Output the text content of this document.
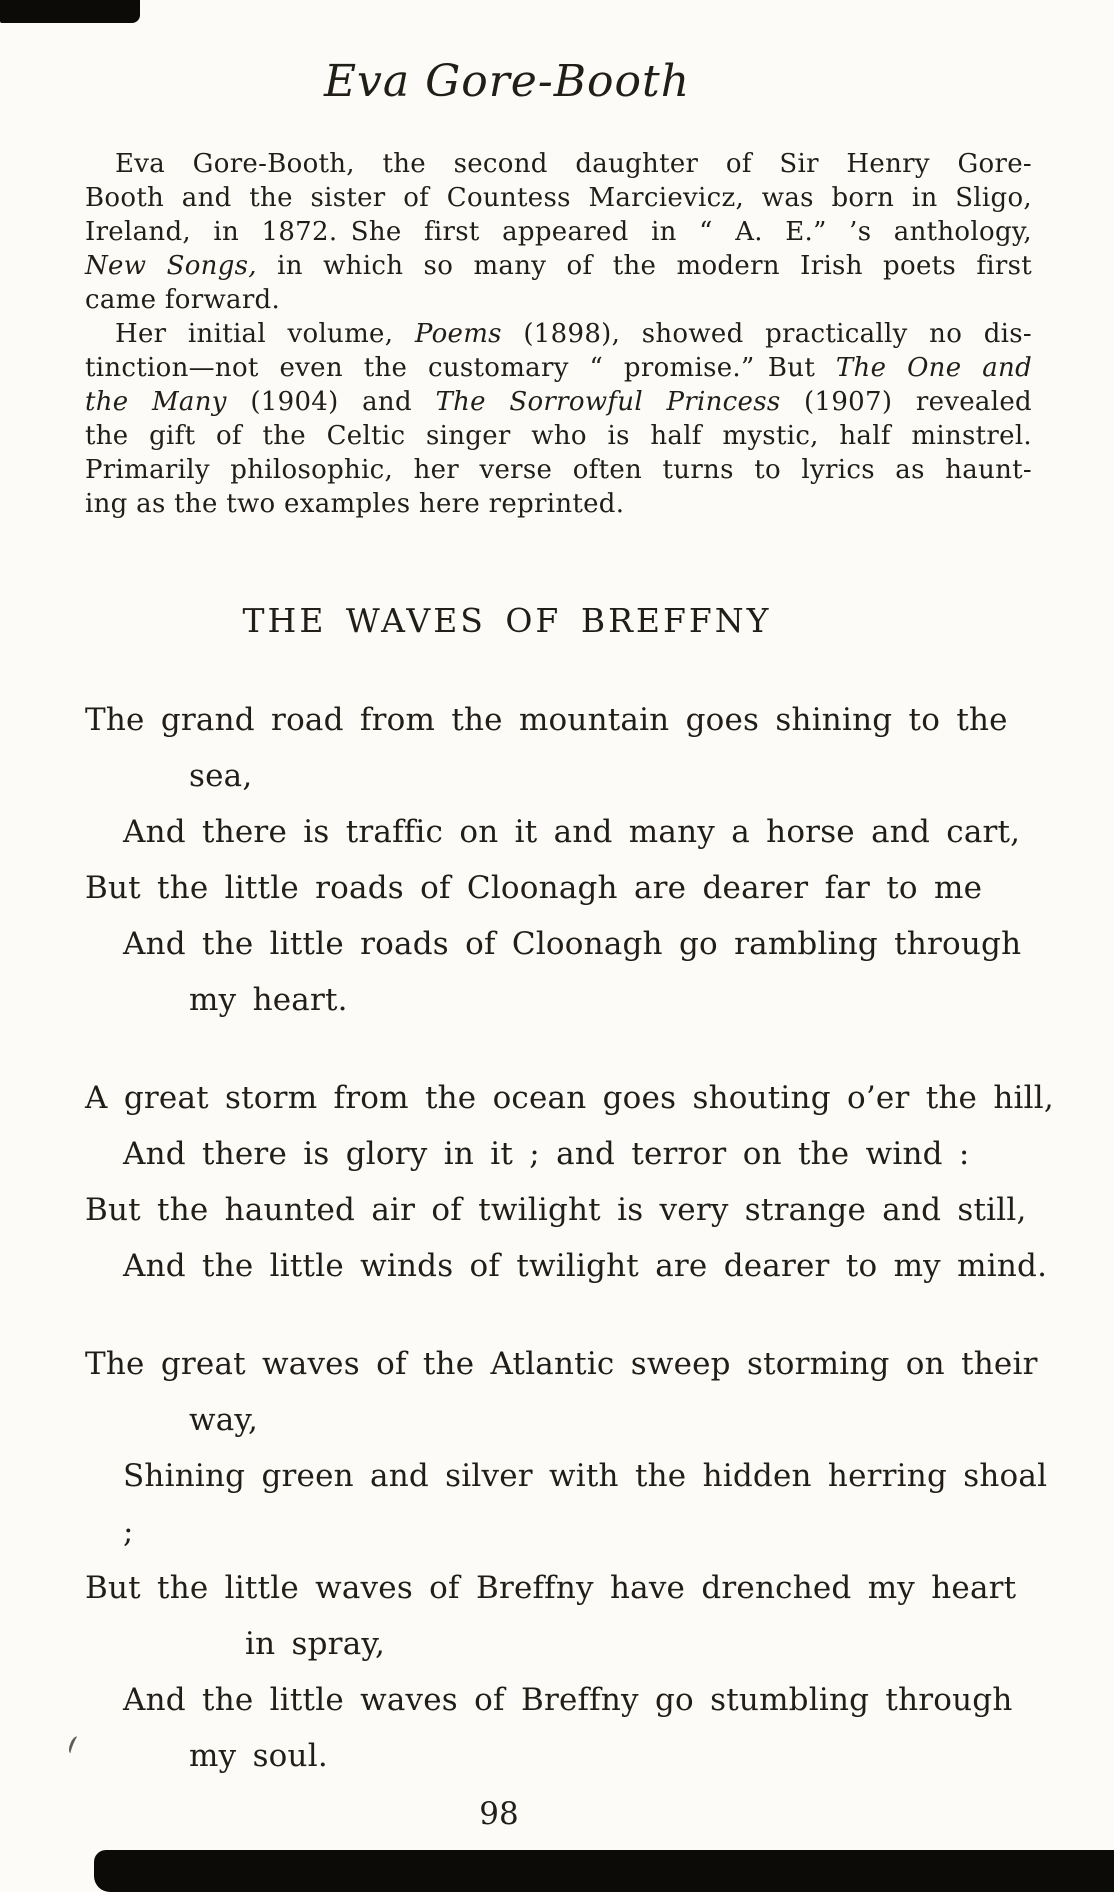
Eva Gore-Booth
Eva Gore-Booth, the second daughter of Sir Henry Gore-
Booth and the sister of Countess Marcievicz, was born in Sligo,
Ireland, in 1872. She first appeared in “ A. E.” ’s anthology,
New Songs, in which so many of the modern Irish poets first
came forward.
Her initial volume, Poems (1898), showed practically no dis-
tinction—not even the customary “ promise.” But The One and
the Many (1904) and The Sorrowful Princess (1907) revealed
the gift of the Celtic singer who is half mystic, half minstrel.
Primarily philosophic, her verse often turns to lyrics as haunt-
ing as the two examples here reprinted.
THE WAVES OF BREFFNY
The grand road from the mountain goes shining to the
sea,
And there is traffic on it and many a horse and cart,
But the little roads of Cloonagh are dearer far to me
And the little roads of Cloonagh go rambling through
my heart.
A great storm from the ocean goes shouting o’er the hill,
And there is glory in it ; and terror on the wind :
But the haunted air of twilight is very strange and still,
And the little winds of twilight are dearer to my mind.
The great waves of the Atlantic sweep storming on their
way,
Shining green and silver with the hidden herring shoal ;
But the little waves of Breffny have drenched my heart
in spray,
And the little waves of Breffny go stumbling through
my soul.
98
